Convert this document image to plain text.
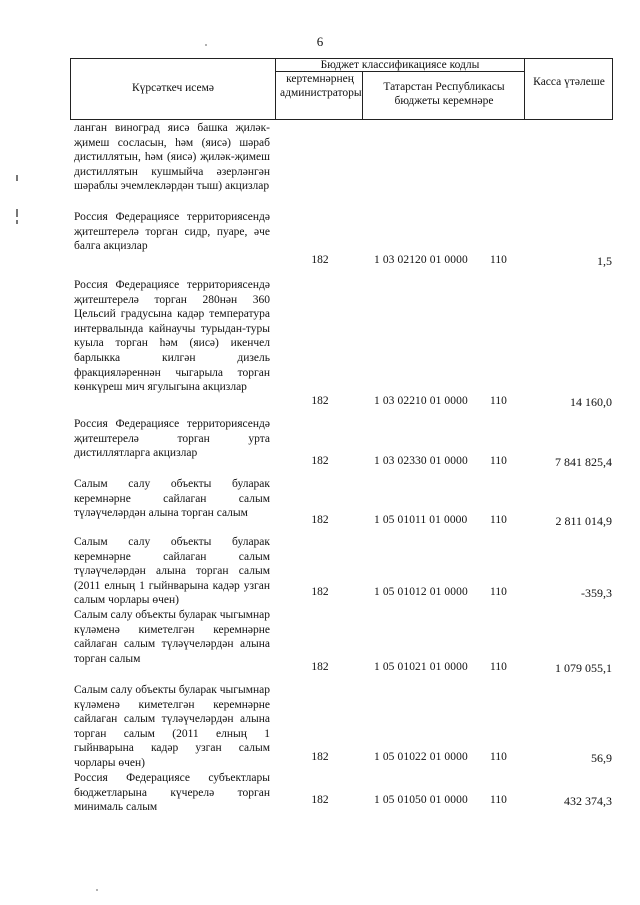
6
Күрсәткеч исемә
Бюджет классификациясе кодлы
кертемнәрнең администраторы	Татарстан Республикасы бюджеты керемнәре
Касса үтәлеше
ланган виноград яисә башка җиләк-җимеш сосласын, һәм (яисә) шәраб дистиллятын, һәм (яисә) җиләк-җимеш дистиллятын кушмыйча әзерләнгән шәраблы эчемлекләрдән тыш) акцизлар
Россия Федерациясе территориясендә җитештерелә торган сидр, пуаре, әче балга акцизлар
182	1 03 02120 01 0000	110	1,5
Россия Федерациясе территориясендә җитештерелә торган 280нән 360 Цельсий градусына кадәр температура интервалында кайнаучы турыдан-туры куыла торган һәм (яисә) икенчел барлыкка килгән дизель фракцияләреннән чыгарыла торган көнкүреш мич ягулыгына акцизлар
182	1 03 02210 01 0000	110	14 160,0
Россия Федерациясе территориясендә җитештерелә торган урта дистиллятларга акцизлар
182	1 03 02330 01 0000	110	7 841 825,4
Салым салу объекты буларак керемнәрне сайлаган салым түләүчеләрдән алына торган салым
182	1 05 01011 01 0000	110	2 811 014,9
Салым салу объекты буларак керемнәрне сайлаган салым түләүчеләрдән алына торган салым (2011 елның 1 гыйнварына кадәр узган салым чорлары өчен)
182	1 05 01012 01 0000	110	-359,3
Салым салу объекты буларак чыгымнар күләменә киметелгән керемнәрне сайлаган салым түләүчеләрдән алына торган салым
182	1 05 01021 01 0000	110	1 079 055,1
Салым салу объекты буларак чыгымнар күләменә киметелгән керемнәрне сайлаган салым түләүчеләрдән алына торган салым (2011 елның 1 гыйнварына кадәр узган салым чорлары өчен)	182	1 05 01022 01 0000	110	56,9
Россия Федерациясе субъектлары бюджетларына күчерелә торган минималь салым
182	1 05 01050 01 0000	110	432 374,3
